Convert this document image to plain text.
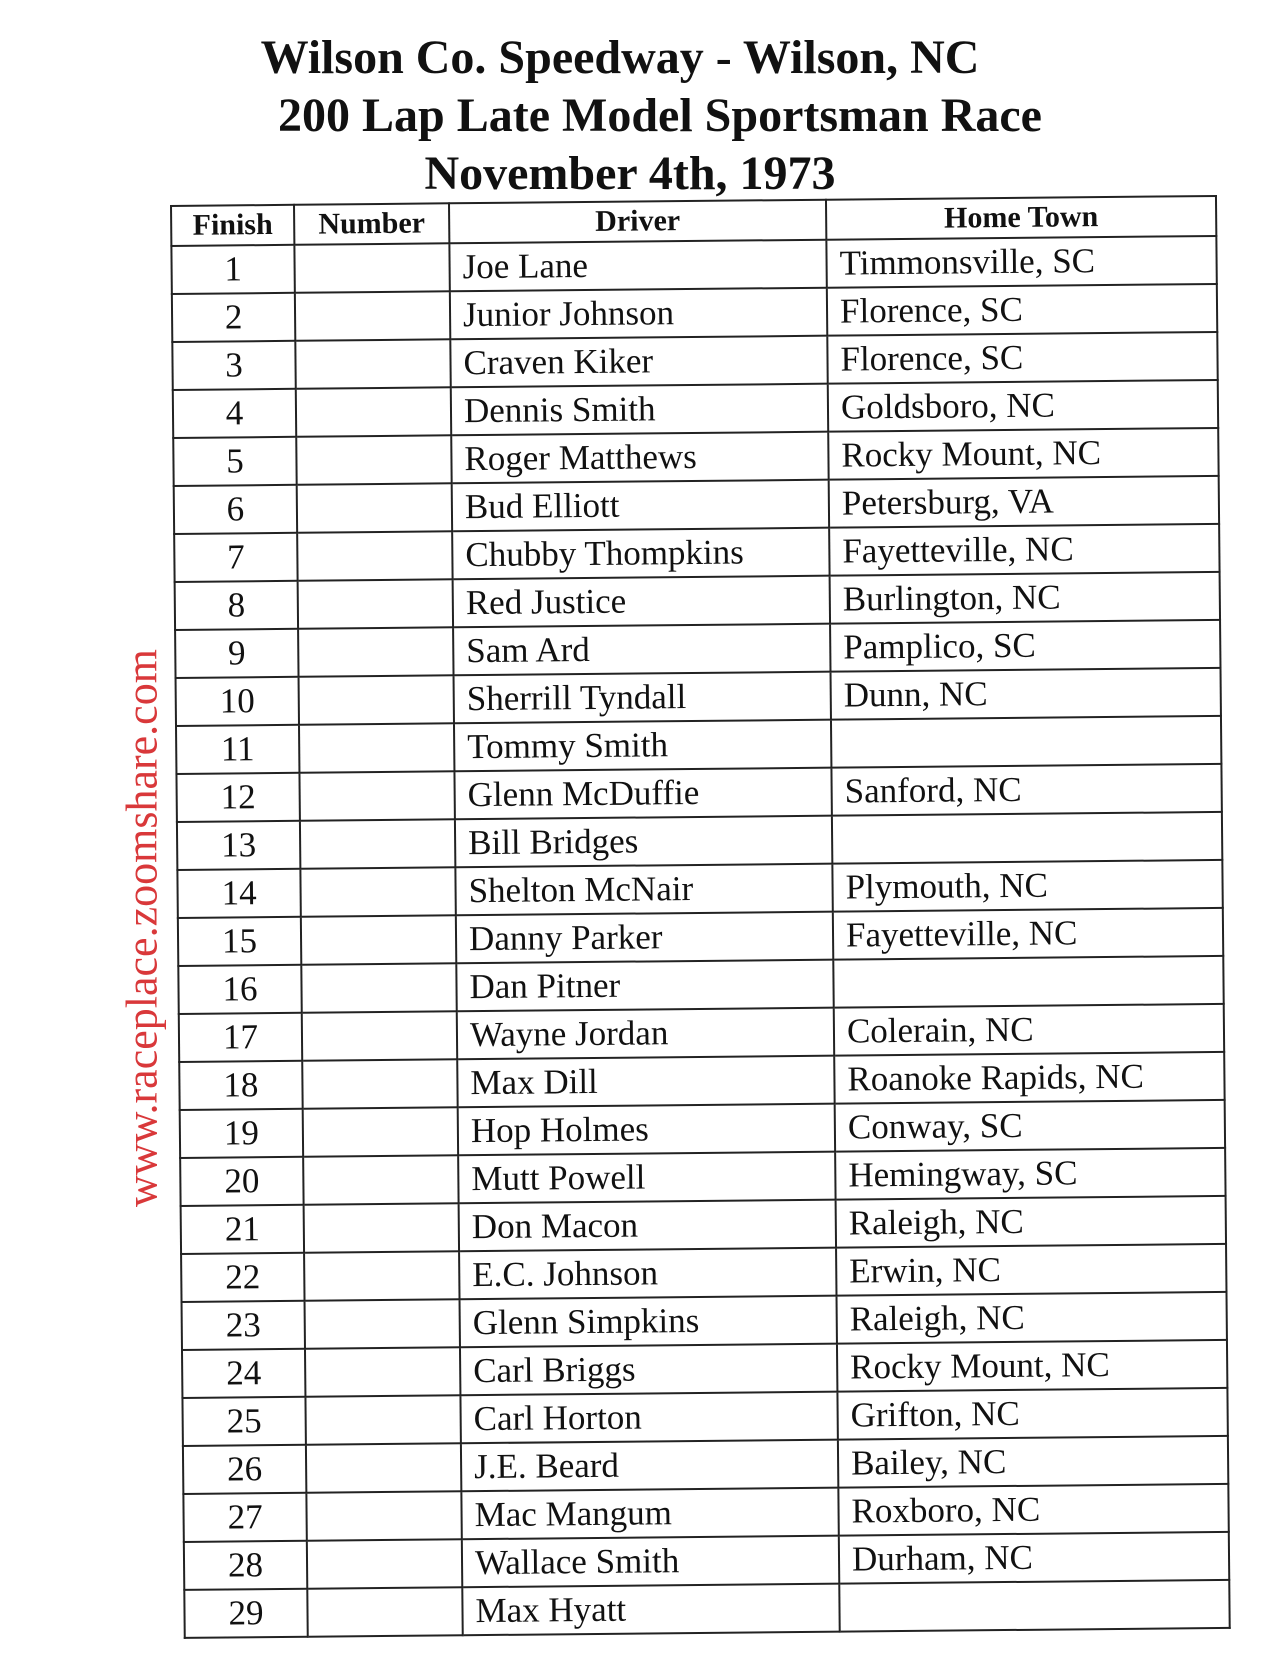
Wilson Co. Speedway - Wilson, NC
200 Lap Late Model Sportsman Race
November 4th, 1973
www.raceplace.zoomshare.com
Finish	Number	Driver	Home Town
1		Joe Lane	Timmonsville, SC
2		Junior Johnson	Florence, SC
3		Craven Kiker	Florence, SC
4		Dennis Smith	Goldsboro, NC
5		Roger Matthews	Rocky Mount, NC
6		Bud Elliott	Petersburg, VA
7		Chubby Thompkins	Fayetteville, NC
8		Red Justice	Burlington, NC
9		Sam Ard	Pamplico, SC
10		Sherrill Tyndall	Dunn, NC
11		Tommy Smith	
12		Glenn McDuffie	Sanford, NC
13		Bill Bridges	
14		Shelton McNair	Plymouth, NC
15		Danny Parker	Fayetteville, NC
16		Dan Pitner	
17		Wayne Jordan	Colerain, NC
18		Max Dill	Roanoke Rapids, NC
19		Hop Holmes	Conway, SC
20		Mutt Powell	Hemingway, SC
21		Don Macon	Raleigh, NC
22		E.C. Johnson	Erwin, NC
23		Glenn Simpkins	Raleigh, NC
24		Carl Briggs	Rocky Mount, NC
25		Carl Horton	Grifton, NC
26		J.E. Beard	Bailey, NC
27		Mac Mangum	Roxboro, NC
28		Wallace Smith	Durham, NC
29		Max Hyatt	
